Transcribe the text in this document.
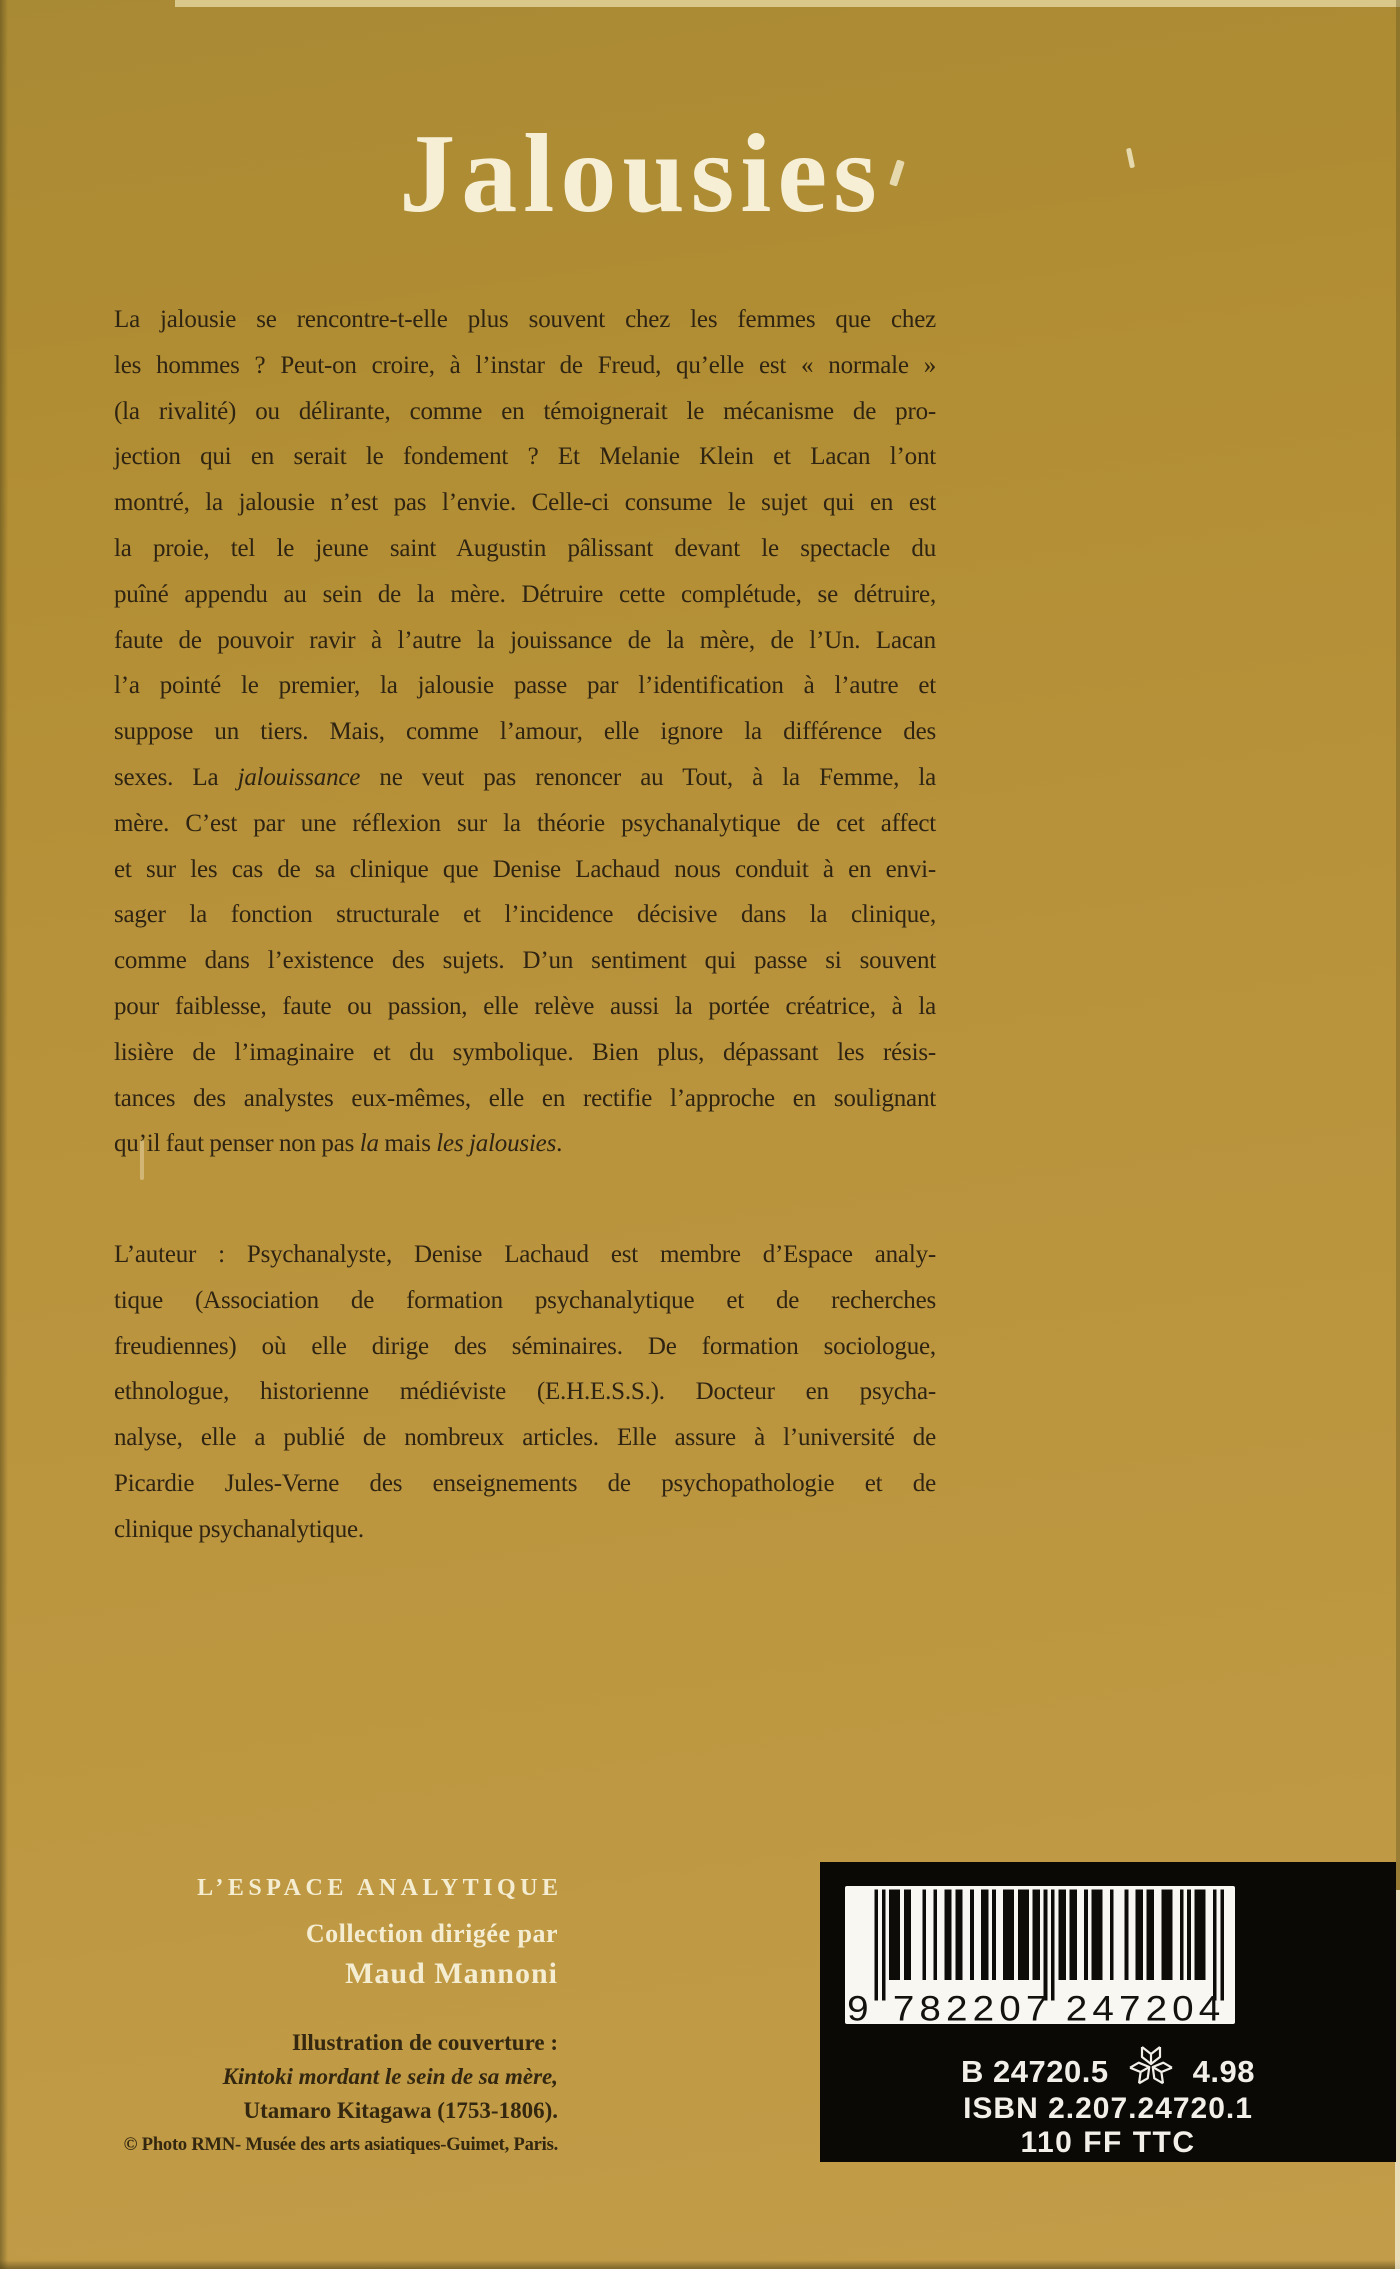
Jalousies
La jalousie se rencontre-t-elle plus souvent chez les femmes que chez
les hommes ? Peut-on croire, à l’instar de Freud, qu’elle est « normale »
(la rivalité) ou délirante, comme en témoignerait le mécanisme de pro-
jection qui en serait le fondement ? Et Melanie Klein et Lacan l’ont
montré, la jalousie n’est pas l’envie. Celle-ci consume le sujet qui en est
la proie, tel le jeune saint Augustin pâlissant devant le spectacle du
puîné appendu au sein de la mère. Détruire cette complétude, se détruire,
faute de pouvoir ravir à l’autre la jouissance de la mère, de l’Un. Lacan
l’a pointé le premier, la jalousie passe par l’identification à l’autre et
suppose un tiers. Mais, comme l’amour, elle ignore la différence des
sexes. La jalouissance ne veut pas renoncer au Tout, à la Femme, la
mère. C’est par une réflexion sur la théorie psychanalytique de cet affect
et sur les cas de sa clinique que Denise Lachaud nous conduit à en envi-
sager la fonction structurale et l’incidence décisive dans la clinique,
comme dans l’existence des sujets. D’un sentiment qui passe si souvent
pour faiblesse, faute ou passion, elle relève aussi la portée créatrice, à la
lisière de l’imaginaire et du symbolique. Bien plus, dépassant les résis-
tances des analystes eux-mêmes, elle en rectifie l’approche en soulignant
qu’il faut penser non pas la mais les jalousies.
L’auteur : Psychanalyste, Denise Lachaud est membre d’Espace analy-
tique (Association de formation psychanalytique et de recherches
freudiennes) où elle dirige des séminaires. De formation sociologue,
ethnologue, historienne médiéviste (E.H.E.S.S.). Docteur en psycha-
nalyse, elle a publié de nombreux articles. Elle assure à l’université de
Picardie Jules-Verne des enseignements de psychopathologie et de
clinique psychanalytique.
L’ESPACE ANALYTIQUE
Collection dirigée par
Maud Mannoni
Illustration de couverture :
Kintoki mordant le sein de sa mère,
Utamaro Kitagawa (1753-1806).
© Photo RMN- Musée des arts asiatiques-Guimet, Paris.
9 782207 247204
B 24720.5	4.98
ISBN 2.207.24720.1
110 FF TTC
